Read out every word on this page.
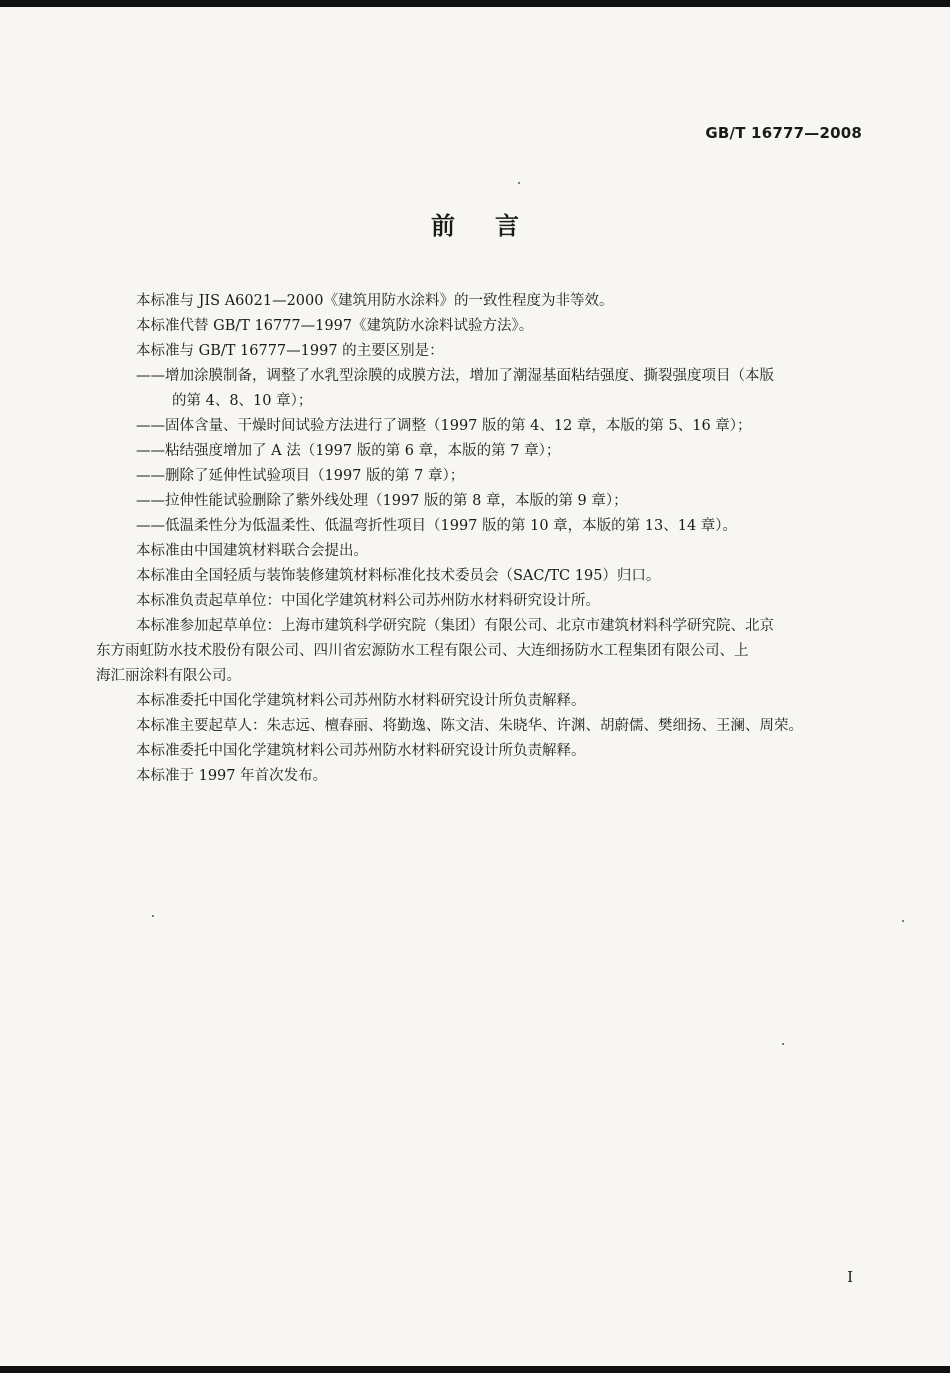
GB/T 16777—2008
前言
本标准与 JIS A6021—2000《建筑用防水涂料》的一致性程度为非等效。
本标准代替 GB/T 16777—1997《建筑防水涂料试验方法》。
本标准与 GB/T 16777—1997 的主要区别是：
——增加涂膜制备，调整了水乳型涂膜的成膜方法，增加了潮湿基面粘结强度、撕裂强度项目（本版
的第 4、8、10 章）；
——固体含量、干燥时间试验方法进行了调整（1997 版的第 4、12 章，本版的第 5、16 章）；
——粘结强度增加了 A 法（1997 版的第 6 章，本版的第 7 章）；
——删除了延伸性试验项目（1997 版的第 7 章）；
——拉伸性能试验删除了紫外线处理（1997 版的第 8 章，本版的第 9 章）；
——低温柔性分为低温柔性、低温弯折性项目（1997 版的第 10 章，本版的第 13、14 章）。
本标准由中国建筑材料联合会提出。
本标准由全国轻质与装饰装修建筑材料标准化技术委员会（SAC/TC 195）归口。
本标准负责起草单位：中国化学建筑材料公司苏州防水材料研究设计所。
本标准参加起草单位：上海市建筑科学研究院（集团）有限公司、北京市建筑材料科学研究院、北京
东方雨虹防水技术股份有限公司、四川省宏源防水工程有限公司、大连细扬防水工程集团有限公司、上
海汇丽涂料有限公司。
本标准委托中国化学建筑材料公司苏州防水材料研究设计所负责解释。
本标准主要起草人：朱志远、檀春丽、将勤逸、陈文洁、朱晓华、许渊、胡蔚儒、樊细扬、王澜、周荣。
本标准委托中国化学建筑材料公司苏州防水材料研究设计所负责解释。
本标准于 1997 年首次发布。
I
